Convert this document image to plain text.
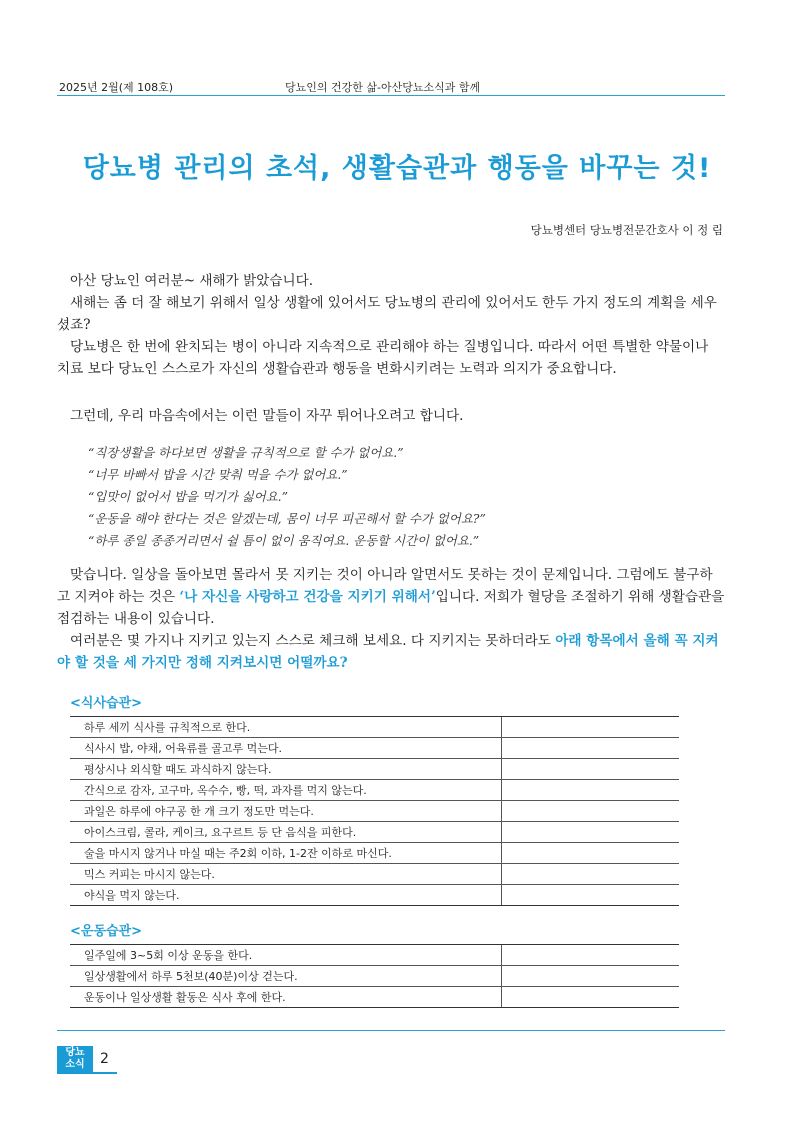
2025년 2월(제 108호)	당뇨인의 건강한 삶-아산당뇨소식과 함께
당뇨병 관리의 초석, 생활습관과 행동을 바꾸는 것!
당뇨병센터 당뇨병전문간호사 이 정 림

아산 당뇨인 여러분~ 새해가 밝았습니다.

새해는 좀 더 잘 해보기 위해서 일상 생활에 있어서도 당뇨병의 관리에 있어서도 한두 가지 정도의 계획을 세우셨죠?

당뇨병은 한 번에 완치되는 병이 아니라 지속적으로 관리해야 하는 질병입니다. 따라서 어떤 특별한 약물이나 치료 보다 당뇨인 스스로가 자신의 생활습관과 행동을 변화시키려는 노력과 의지가 중요합니다.

그런데, 우리 마음속에서는 이런 말들이 자꾸 튀어나오려고 합니다.

“직장생활을 하다보면 생활을 규칙적으로 할 수가 없어요.”
“너무 바빠서 밥을 시간 맞춰 먹을 수가 없어요.”
“입맛이 없어서 밥을 먹기가 싫어요.”
“운동을 해야 한다는 것은 알겠는데, 몸이 너무 피곤해서 할 수가 없어요?”
“하루 종일 종종거리면서 쉴 틈이 없이 움직여요. 운동할 시간이 없어요.”

맞습니다. 일상을 돌아보면 몰라서 못 지키는 것이 아니라 알면서도 못하는 것이 문제입니다. 그럼에도 불구하고 지켜야 하는 것은 ‘나 자신을 사랑하고 건강을 지키기 위해서’입니다. 저희가 혈당을 조절하기 위해 생활습관을 점검하는 내용이 있습니다.

여러분은 몇 가지나 지키고 있는지 스스로 체크해 보세요. 다 지키지는 못하더라도 아래 항목에서 올해 꼭 지켜야 할 것을 세 가지만 정해 지켜보시면 어떨까요?

<식사습관>
하루 세끼 식사를 규칙적으로 한다.	
식사시 밥, 야채, 어육류를 골고루 먹는다.	
평상시나 외식할 때도 과식하지 않는다.	
간식으로 감자, 고구마, 옥수수, 빵, 떡, 과자를 먹지 않는다.	
과일은 하루에 야구공 한 개 크기 정도만 먹는다.	
아이스크림, 콜라, 케이크, 요구르트 등 단 음식을 피한다.	
술을 마시지 않거나 마실 때는 주2회 이하, 1-2잔 이하로 마신다.	
믹스 커피는 마시지 않는다.	
야식을 먹지 않는다.	
<운동습관>
일주일에 3~5회 이상 운동을 한다.	
일상생활에서 하루 5천보(40분)이상 걷는다.	
운동이나 일상생활 활동은 식사 후에 한다.	
당뇨
소식	2
